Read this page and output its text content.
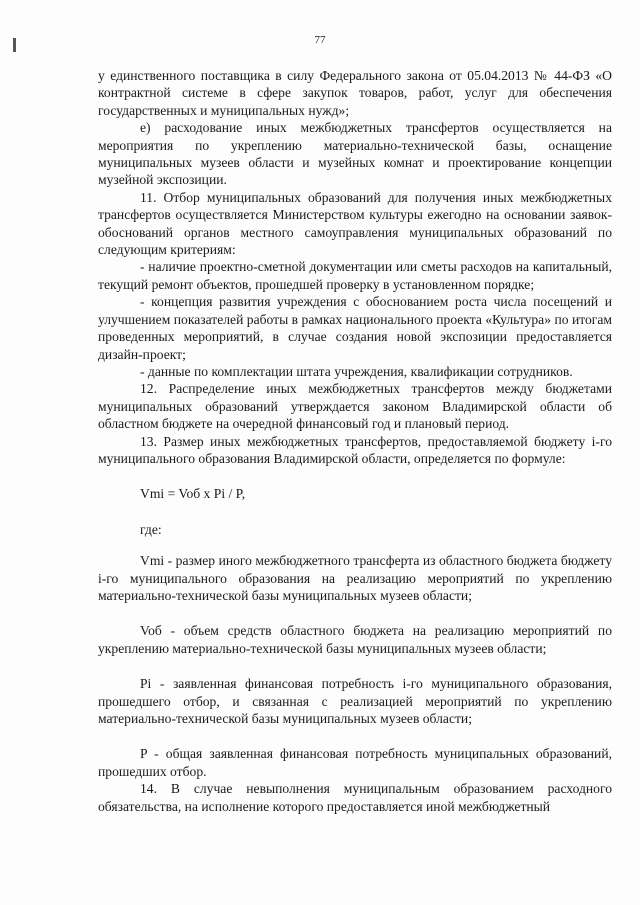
77

у единственного поставщика в силу Федерального закона от 05.04.2013 № 44-ФЗ «О контрактной системе в сфере закупок товаров, работ, услуг для обеспечения государственных и муниципальных нужд»;

е) расходование иных межбюджетных трансфертов осуществляется на мероприятия по укреплению материально-технической базы, оснащение муниципальных музеев области и музейных комнат и проектирование концепции музейной экспозиции.

11. Отбор муниципальных образований для получения иных межбюджетных трансфертов осуществляется Министерством культуры ежегодно на основании заявок-обоснований органов местного самоуправления муниципальных образований по следующим критериям:

- наличие проектно-сметной документации или сметы расходов на капитальный, текущий ремонт объектов, прошедшей проверку в установленном порядке;

- концепция развития учреждения с обоснованием роста числа посещений и улучшением показателей работы в рамках национального проекта «Культура» по итогам проведенных мероприятий, в случае создания новой экспозиции предоставляется дизайн-проект;

- данные по комплектации штата учреждения, квалификации сотрудников.

12. Распределение иных межбюджетных трансфертов между бюджетами муниципальных образований утверждается законом Владимирской области об областном бюджете на очередной финансовый год и плановый период.

13. Размер иных межбюджетных трансфертов, предоставляемой бюджету i-го муниципального образования Владимирской области, определяется по формуле:

Vmi = Voб x Pi / P,

где:

Vmi - размер иного межбюджетного трансферта из областного бюджета бюджету i-го муниципального образования на реализацию мероприятий по укреплению материально-технической базы муниципальных музеев области;

Voб - объем средств областного бюджета на реализацию мероприятий по укреплению материально-технической базы муниципальных музеев области;

Pi - заявленная финансовая потребность i-го муниципального образования, прошедшего отбор, и связанная с реализацией мероприятий по укреплению материально-технической базы муниципальных музеев области;

P - общая заявленная финансовая потребность муниципальных образований, прошедших отбор.

14. В случае невыполнения муниципальным образованием расходного обязательства, на исполнение которого предоставляется иной межбюджетный
